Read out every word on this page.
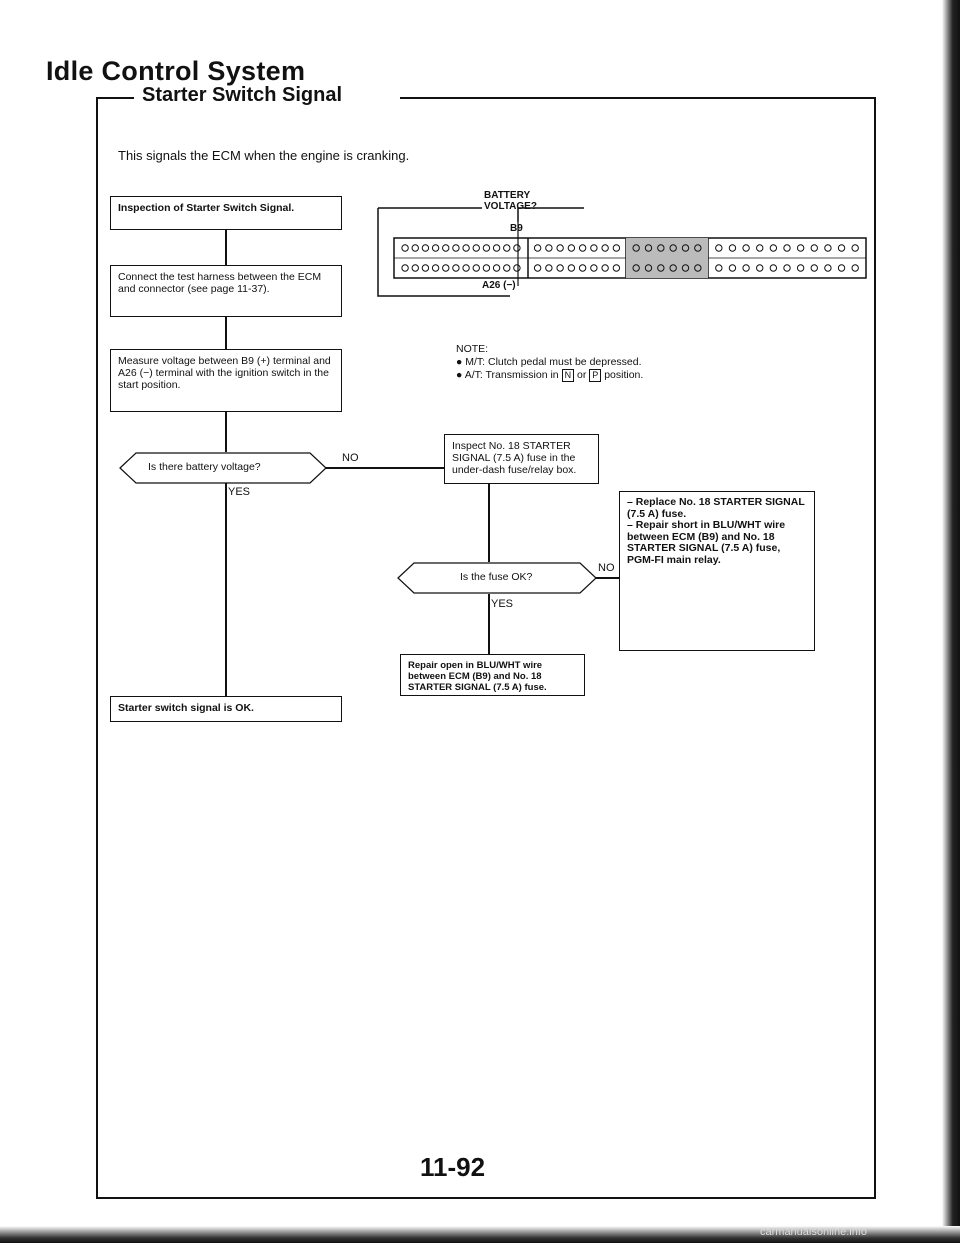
Idle Control System
Starter Switch Signal
This signals the ECM when the engine is cranking.
BATTERY VOLTAGE?
B9
A26 (−)
NOTE:
● M/T: Clutch pedal must be depressed.
● A/T: Transmission in N or P position.
Inspection of Starter Switch Signal.
Connect the test harness between the ECM and connector (see page 11-37).
Measure voltage between B9 (+) terminal and A26 (−) terminal with the ignition switch in the start position.
Is there battery voltage?
NO
YES
Inspect No. 18 STARTER SIGNAL (7.5 A) fuse in the under-dash fuse/relay box.
Is the fuse OK?
NO
YES
– Replace No. 18 STARTER SIGNAL (7.5 A) fuse.
– Repair short in BLU/WHT wire between ECM (B9) and No. 18 STARTER SIGNAL (7.5 A) fuse, PGM-FI main relay.
Repair open in BLU/WHT wire between ECM (B9) and No. 18 STARTER SIGNAL (7.5 A) fuse.
Starter switch signal is OK.
11-92
carmanualsonline.info
